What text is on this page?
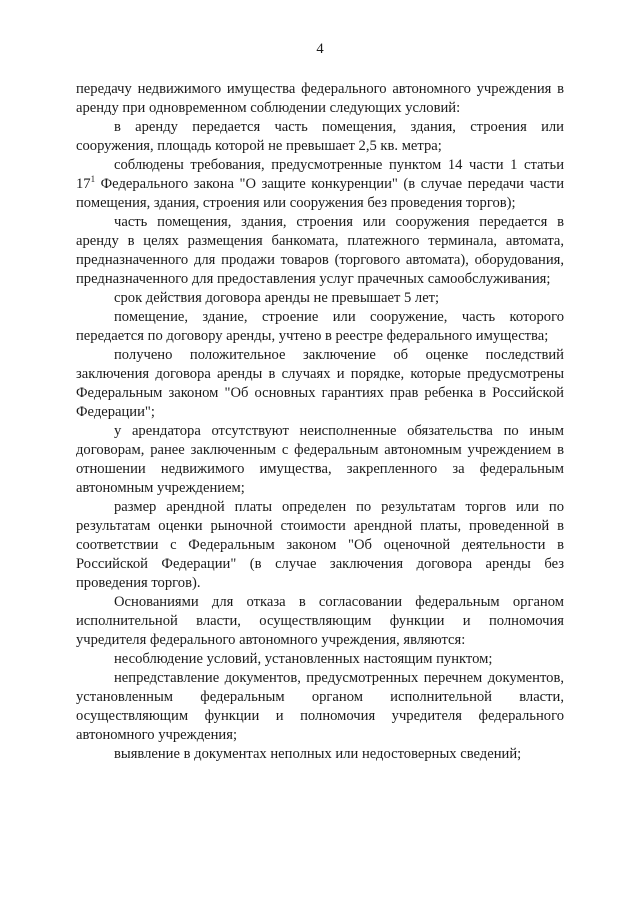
4

передачу недвижимого имущества федерального автономного учреждения в аренду при одновременном соблюдении следующих условий:

в аренду передается часть помещения, здания, строения или сооружения, площадь которой не превышает 2,5 кв. метра;

соблюдены требования, предусмотренные пунктом 14 части 1 статьи $17^1$ Федерального закона "О защите конкуренции" (в случае передачи части помещения, здания, строения или сооружения без проведения торгов);

часть помещения, здания, строения или сооружения передается в аренду в целях размещения банкомата, платежного терминала, автомата, предназначенного для продажи товаров (торгового автомата), оборудования, предназначенного для предоставления услуг прачечных самообслуживания;

срок действия договора аренды не превышает 5 лет;

помещение, здание, строение или сооружение, часть которого передается по договору аренды, учтено в реестре федерального имущества;

получено положительное заключение об оценке последствий заключения договора аренды в случаях и порядке, которые предусмотрены Федеральным законом "Об основных гарантиях прав ребенка в Российской Федерации";

у арендатора отсутствуют неисполненные обязательства по иным договорам, ранее заключенным с федеральным автономным учреждением в отношении недвижимого имущества, закрепленного за федеральным автономным учреждением;

размер арендной платы определен по результатам торгов или по результатам оценки рыночной стоимости арендной платы, проведенной в соответствии с Федеральным законом "Об оценочной деятельности в Российской Федерации" (в случае заключения договора аренды без проведения торгов).

Основаниями для отказа в согласовании федеральным органом исполнительной власти, осуществляющим функции и полномочия учредителя федерального автономного учреждения, являются:

несоблюдение условий, установленных настоящим пунктом;

непредставление документов, предусмотренных перечнем документов, установленным федеральным органом исполнительной власти, осуществляющим функции и полномочия учредителя федерального автономного учреждения;

выявление в документах неполных или недостоверных сведений;
